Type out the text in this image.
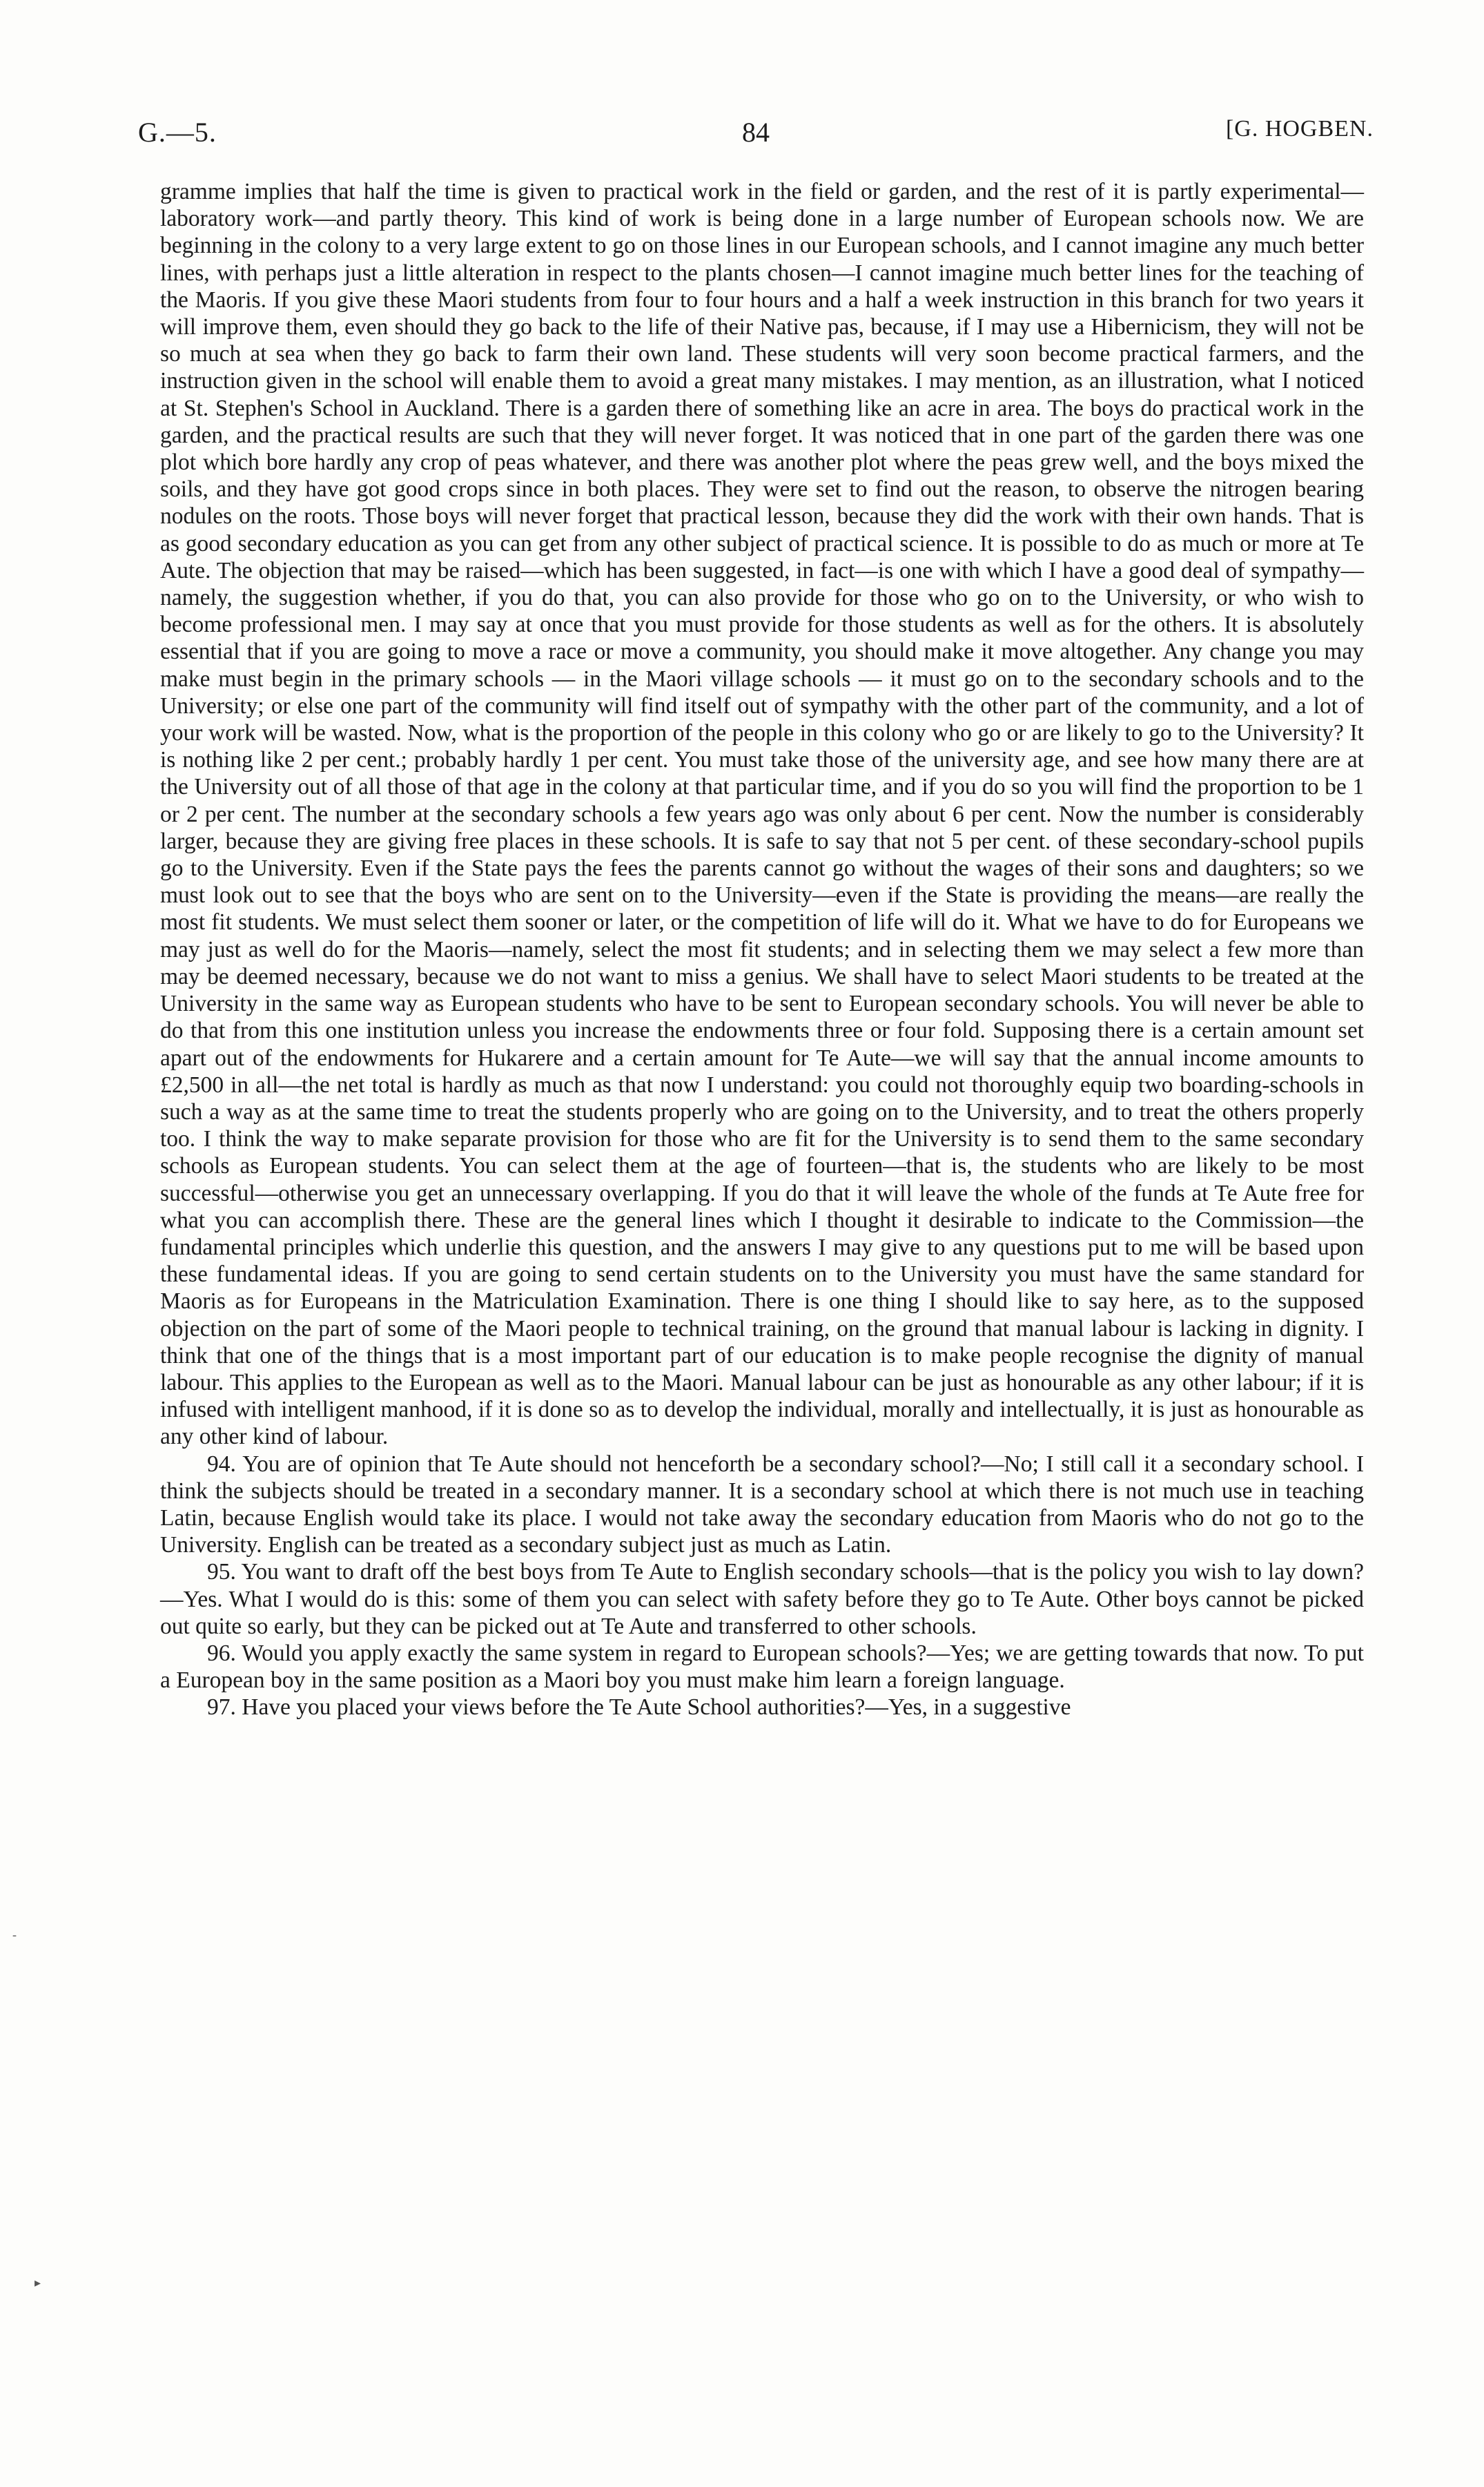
G.—5.	84	[G. HOGBEN.

gramme implies that half the time is given to practical work in the field or garden, and the rest of it is partly experimental—laboratory work—and partly theory. This kind of work is being done in a large number of European schools now. We are beginning in the colony to a very large extent to go on those lines in our European schools, and I cannot imagine any much better lines, with perhaps just a little alteration in respect to the plants chosen—I cannot imagine much better lines for the teaching of the Maoris. If you give these Maori students from four to four hours and a half a week instruction in this branch for two years it will improve them, even should they go back to the life of their Native pas, because, if I may use a Hibernicism, they will not be so much at sea when they go back to farm their own land. These students will very soon become practical farmers, and the instruction given in the school will enable them to avoid a great many mistakes. I may mention, as an illustration, what I noticed at St. Stephen's School in Auckland. There is a garden there of something like an acre in area. The boys do practical work in the garden, and the practical results are such that they will never forget. It was noticed that in one part of the garden there was one plot which bore hardly any crop of peas whatever, and there was another plot where the peas grew well, and the boys mixed the soils, and they have got good crops since in both places. They were set to find out the reason, to observe the nitrogen bearing nodules on the roots. Those boys will never forget that practical lesson, because they did the work with their own hands. That is as good secondary education as you can get from any other subject of practical science. It is possible to do as much or more at Te Aute. The objection that may be raised—which has been suggested, in fact—is one with which I have a good deal of sympathy—namely, the suggestion whether, if you do that, you can also provide for those who go on to the University, or who wish to become professional men. I may say at once that you must provide for those students as well as for the others. It is absolutely essential that if you are going to move a race or move a community, you should make it move altogether. Any change you may make must begin in the primary schools — in the Maori village schools — it must go on to the secondary schools and to the University; or else one part of the community will find itself out of sympathy with the other part of the community, and a lot of your work will be wasted. Now, what is the proportion of the people in this colony who go or are likely to go to the University? It is nothing like 2 per cent.; probably hardly 1 per cent. You must take those of the university age, and see how many there are at the University out of all those of that age in the colony at that particular time, and if you do so you will find the proportion to be 1 or 2 per cent. The number at the secondary schools a few years ago was only about 6 per cent. Now the number is considerably larger, because they are giving free places in these schools. It is safe to say that not 5 per cent. of these secondary-school pupils go to the University. Even if the State pays the fees the parents cannot go without the wages of their sons and daughters; so we must look out to see that the boys who are sent on to the University—even if the State is providing the means—are really the most fit students. We must select them sooner or later, or the competition of life will do it. What we have to do for Europeans we may just as well do for the Maoris—namely, select the most fit students; and in selecting them we may select a few more than may be deemed necessary, because we do not want to miss a genius. We shall have to select Maori students to be treated at the University in the same way as European students who have to be sent to European secondary schools. You will never be able to do that from this one institution unless you increase the endowments three or four fold. Supposing there is a certain amount set apart out of the endowments for Hukarere and a certain amount for Te Aute—we will say that the annual income amounts to £2,500 in all—the net total is hardly as much as that now I understand: you could not thoroughly equip two boarding-schools in such a way as at the same time to treat the students properly who are going on to the University, and to treat the others properly too. I think the way to make separate provision for those who are fit for the University is to send them to the same secondary schools as European students. You can select them at the age of fourteen—that is, the students who are likely to be most successful—otherwise you get an unnecessary overlapping. If you do that it will leave the whole of the funds at Te Aute free for what you can accomplish there. These are the general lines which I thought it desirable to indicate to the Commission—the fundamental principles which underlie this question, and the answers I may give to any questions put to me will be based upon these fundamental ideas. If you are going to send certain students on to the University you must have the same standard for Maoris as for Europeans in the Matriculation Examination. There is one thing I should like to say here, as to the supposed objection on the part of some of the Maori people to technical training, on the ground that manual labour is lacking in dignity. I think that one of the things that is a most important part of our education is to make people recognise the dignity of manual labour. This applies to the European as well as to the Maori. Manual labour can be just as honourable as any other labour; if it is infused with intelligent manhood, if it is done so as to develop the individual, morally and intellectually, it is just as honourable as any other kind of labour.

94. You are of opinion that Te Aute should not henceforth be a secondary school?—No; I still call it a secondary school. I think the subjects should be treated in a secondary manner. It is a secondary school at which there is not much use in teaching Latin, because English would take its place. I would not take away the secondary education from Maoris who do not go to the University. English can be treated as a secondary subject just as much as Latin.

95. You want to draft off the best boys from Te Aute to English secondary schools—that is the policy you wish to lay down?—Yes. What I would do is this: some of them you can select with safety before they go to Te Aute. Other boys cannot be picked out quite so early, but they can be picked out at Te Aute and transferred to other schools.

96. Would you apply exactly the same system in regard to European schools?—Yes; we are getting towards that now. To put a European boy in the same position as a Maori boy you must make him learn a foreign language.

97. Have you placed your views before the Te Aute School authorities?—Yes, in a suggestive

-
▸
